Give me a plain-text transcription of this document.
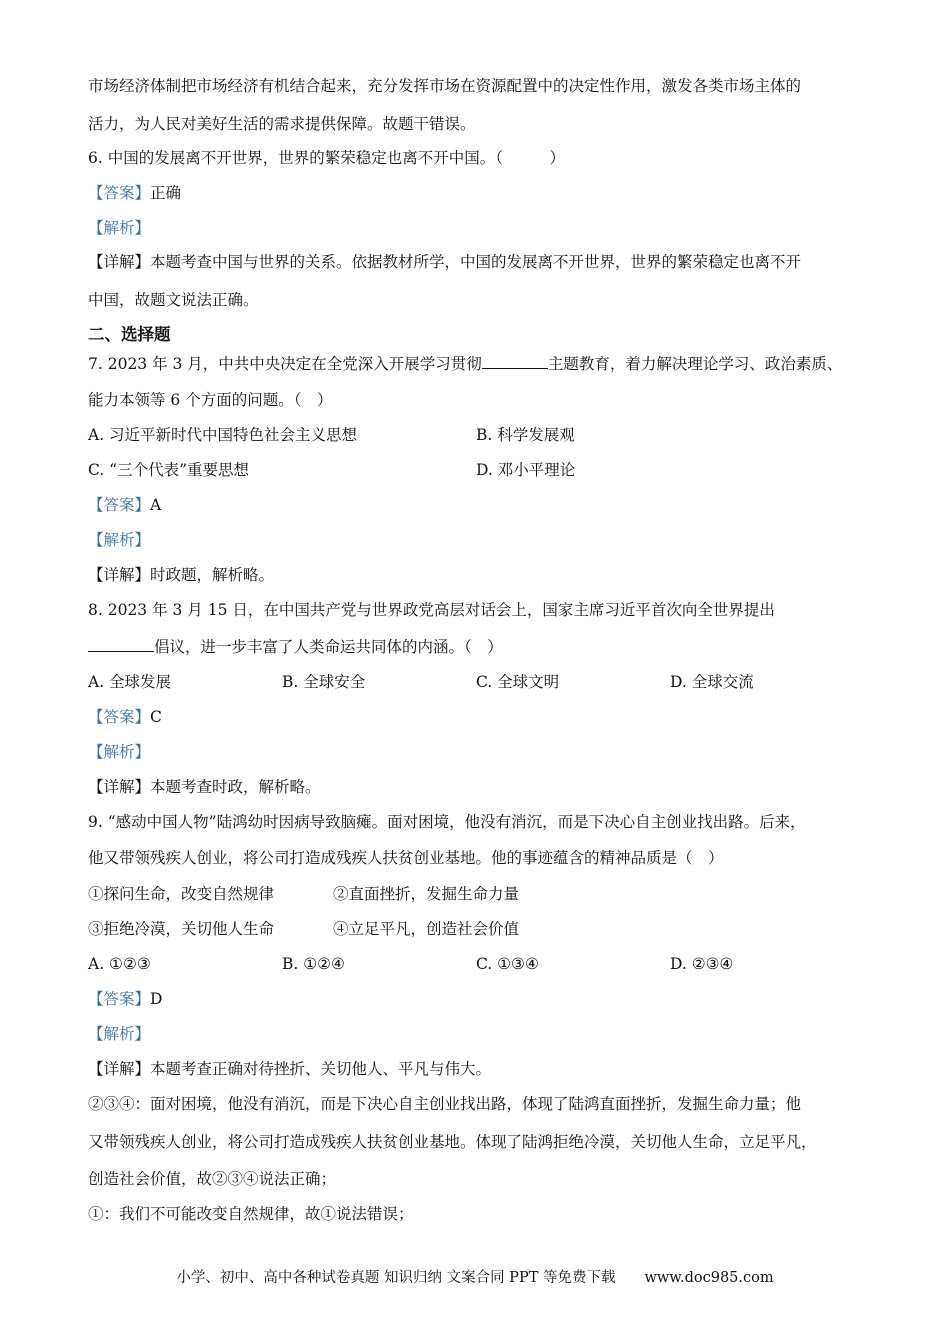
市场经济体制把市场经济有机结合起来，充分发挥市场在资源配置中的决定性作用，激发各类市场主体的
活力，为人民对美好生活的需求提供保障。故题干错误。
6. 中国的发展离不开世界，世界的繁荣稳定也离不开中国。（　　　）
【答案】正确
【解析】
【详解】本题考查中国与世界的关系。依据教材所学，中国的发展离不开世界，世界的繁荣稳定也离不开
中国，故题文说法正确。
二、选择题
7. 2023 年 3 月，中共中央决定在全党深入开展学习贯彻	主题教育，着力解决理论学习、政治素质、
能力本领等 6 个方面的问题。（　）
A. 习近平新时代中国特色社会主义思想	B. 科学发展观
C. “三个代表”重要思想	D. 邓小平理论
【答案】A
【解析】
【详解】时政题，解析略。
8. 2023 年 3 月 15 日，在中国共产党与世界政党高层对话会上，国家主席习近平首次向全世界提出
倡议，进一步丰富了人类命运共同体的内涵。（　）
A. 全球发展	B. 全球安全	C. 全球文明	D. 全球交流
【答案】C
【解析】
【详解】本题考查时政，解析略。
9. “感动中国人物”陆鸿幼时因病导致脑瘫。面对困境，他没有消沉，而是下决心自主创业找出路。后来，
他又带领残疾人创业，将公司打造成残疾人扶贫创业基地。他的事迹蕴含的精神品质是（　）
①探问生命，改变自然规律	②直面挫折，发掘生命力量
③拒绝冷漠，关切他人生命	④立足平凡，创造社会价值
A. ①②③	B. ①②④	C. ①③④	D. ②③④
【答案】D
【解析】
【详解】本题考查正确对待挫折、关切他人、平凡与伟大。
②③④：面对困境，他没有消沉，而是下决心自主创业找出路，体现了陆鸿直面挫折，发掘生命力量；他
又带领残疾人创业，将公司打造成残疾人扶贫创业基地。体现了陆鸿拒绝冷漠，关切他人生命，立足平凡，
创造社会价值，故②③④说法正确；
①：我们不可能改变自然规律，故①说法错误；
小学、初中、高中各种试卷真题 知识归纳 文案合同 PPT 等免费下载　　www.doc985.com
